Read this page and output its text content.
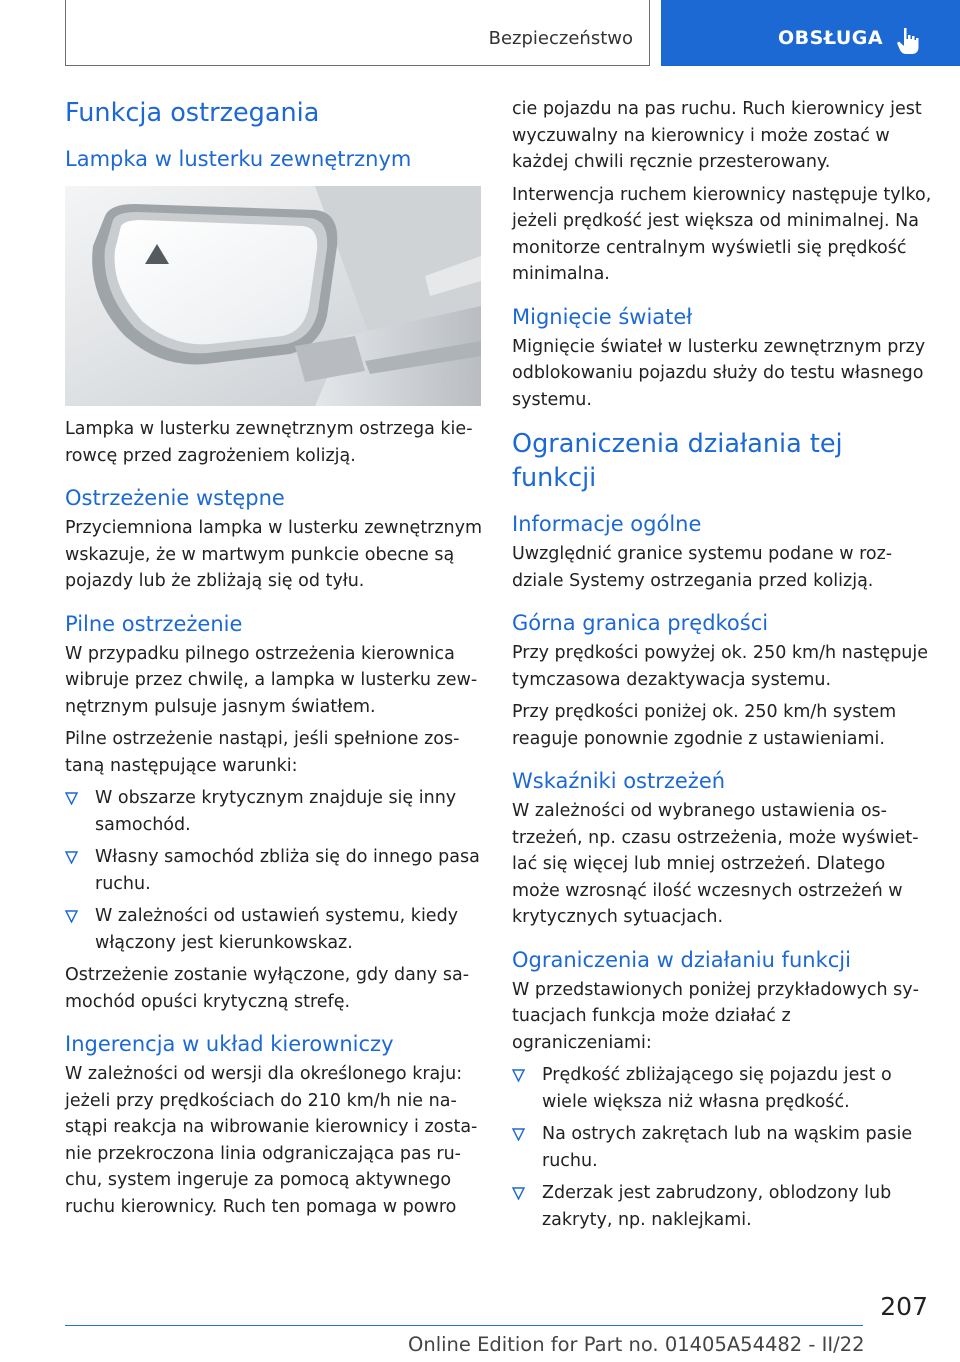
Bezpieczeństwo	OBSŁUGA
Funkcja ostrzegania
Lampka w lusterku zewnętrznym

Lampka w lusterku zewnętrznym ostrzega kierowcę przed zagrożeniem kolizją.

Ostrzeżenie wstępne

Przyciemniona lampka w lusterku zewnętrznym wskazuje, że w martwym punkcie obecne są pojazdy lub że zbliżają się od tyłu.

Pilne ostrzeżenie

W przypadku pilnego ostrzeżenia kierownica wibruje przez chwilę, a lampka w lusterku zewnętrznym pulsuje jasnym światłem.

Pilne ostrzeżenie nastąpi, jeśli spełnione zostaną następujące warunki:

W obszarze krytycznym znajduje się inny samochód.
Własny samochód zbliża się do innego pasa ruchu.
W zależności od ustawień systemu, kiedy włączony jest kierunkowskaz.

Ostrzeżenie zostanie wyłączone, gdy dany samochód opuści krytyczną strefę.

Ingerencja w układ kierowniczy

W zależności od wersji dla określonego kraju: jeżeli przy prędkościach do 210 km/h nie nastąpi reakcja na wibrowanie kierownicy i zostanie przekroczona linia odgraniczająca pas ruchu, system ingeruje za pomocą aktywnego ruchu kierownicy. Ruch ten pomaga w powro

cie pojazdu na pas ruchu. Ruch kierownicy jest wyczuwalny na kierownicy i może zostać w każdej chwili ręcznie przesterowany.

Interwencja ruchem kierownicy następuje tylko, jeżeli prędkość jest większa od minimalnej. Na monitorze centralnym wyświetli się prędkość minimalna.

Mignięcie świateł

Mignięcie świateł w lusterku zewnętrznym przy odblokowaniu pojazdu służy do testu własnego systemu.

Ograniczenia działania tej funkcji
Informacje ogólne

Uwzględnić granice systemu podane w rozdziale Systemy ostrzegania przed kolizją.

Górna granica prędkości

Przy prędkości powyżej ok. 250 km/h następuje tymczasowa dezaktywacja systemu.

Przy prędkości poniżej ok. 250 km/h system reaguje ponownie zgodnie z ustawieniami.

Wskaźniki ostrzeżeń

W zależności od wybranego ustawienia ostrzeżeń, np. czasu ostrzeżenia, może wyświetlać się więcej lub mniej ostrzeżeń. Dlatego może wzrosnąć ilość wczesnych ostrzeżeń w krytycznych sytuacjach.

Ograniczenia w działaniu funkcji

W przedstawionych poniżej przykładowych sytuacjach funkcja może działać z ograniczeniami:

Prędkość zbliżającego się pojazdu jest o wiele większa niż własna prędkość.
Na ostrych zakrętach lub na wąskim pasie ruchu.
Zderzak jest zabrudzony, oblodzony lub zakryty, np. naklejkami.
207
Online Edition for Part no. 01405A54482 - II/22
